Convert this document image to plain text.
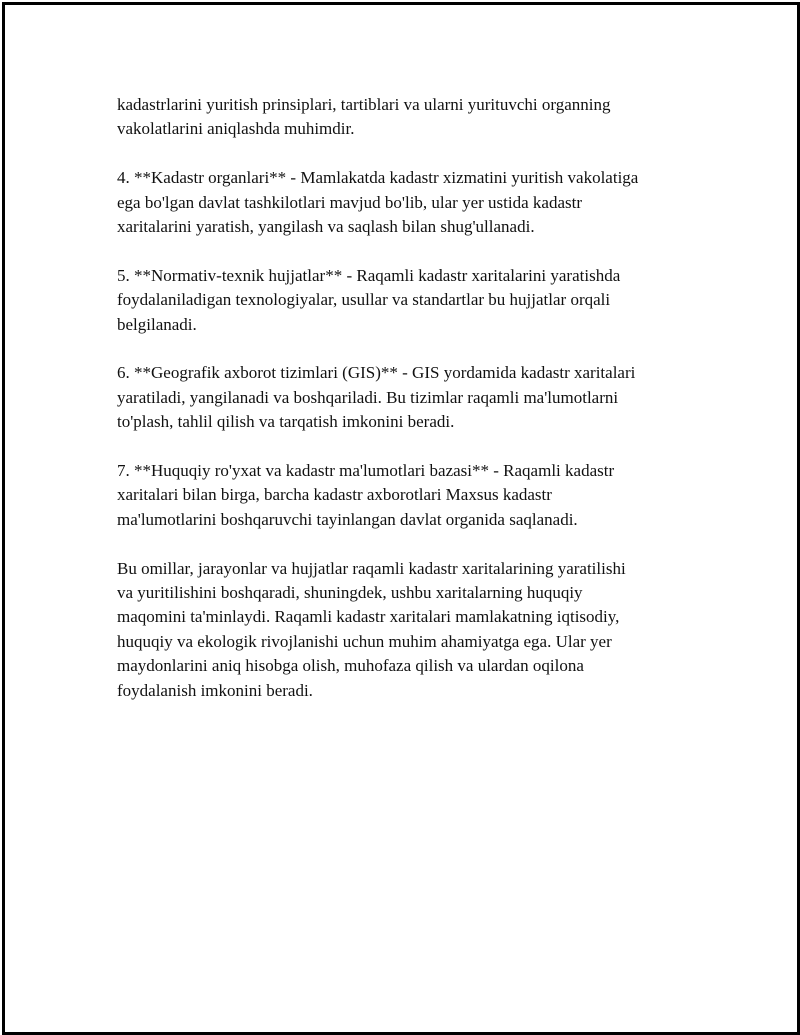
kadastrlarini yuritish prinsiplari, tartiblari va ularni yurituvchi organning
vakolatlarini aniqlashda muhimdir.

4. **Kadastr organlari** - Mamlakatda kadastr xizmatini yuritish vakolatiga
ega bo'lgan davlat tashkilotlari mavjud bo'lib, ular yer ustida kadastr
xaritalarini yaratish, yangilash va saqlash bilan shug'ullanadi.

5. **Normativ-texnik hujjatlar** - Raqamli kadastr xaritalarini yaratishda
foydalaniladigan texnologiyalar, usullar va standartlar bu hujjatlar orqali
belgilanadi.

6. **Geografik axborot tizimlari (GIS)** - GIS yordamida kadastr xaritalari
yaratiladi, yangilanadi va boshqariladi. Bu tizimlar raqamli ma'lumotlarni
to'plash, tahlil qilish va tarqatish imkonini beradi.

7. **Huquqiy ro'yxat va kadastr ma'lumotlari bazasi** - Raqamli kadastr
xaritalari bilan birga, barcha kadastr axborotlari Maxsus kadastr
ma'lumotlarini boshqaruvchi tayinlangan davlat organida saqlanadi.

Bu omillar, jarayonlar va hujjatlar raqamli kadastr xaritalarining yaratilishi
va yuritilishini boshqaradi, shuningdek, ushbu xaritalarning huquqiy
maqomini ta'minlaydi. Raqamli kadastr xaritalari mamlakatning iqtisodiy,
huquqiy va ekologik rivojlanishi uchun muhim ahamiyatga ega. Ular yer
maydonlarini aniq hisobga olish, muhofaza qilish va ulardan oqilona
foydalanish imkonini beradi.
